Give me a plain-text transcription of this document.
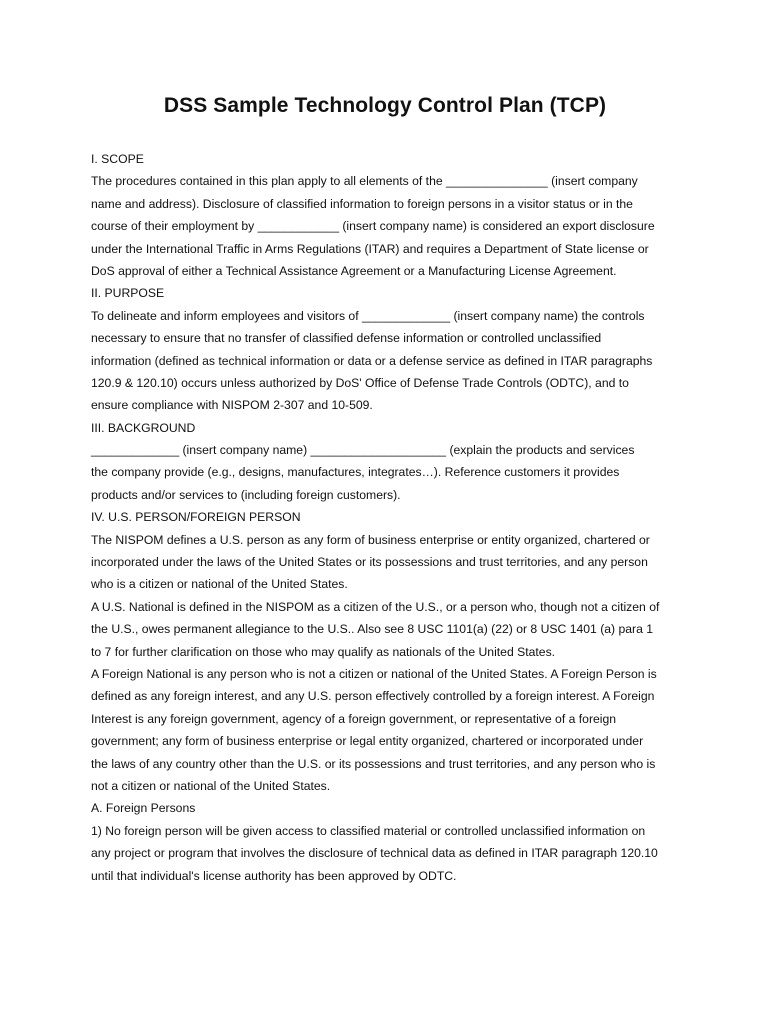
DSS Sample Technology Control Plan (TCP)
I. SCOPE
The procedures contained in this plan apply to all elements of the _______________ (insert company
name and address). Disclosure of classified information to foreign persons in a visitor status or in the
course of their employment by ____________ (insert company name) is considered an export disclosure
under the International Traffic in Arms Regulations (ITAR) and requires a Department of State license or
DoS approval of either a Technical Assistance Agreement or a Manufacturing License Agreement.
II. PURPOSE
To delineate and inform employees and visitors of _____________ (insert company name) the controls
necessary to ensure that no transfer of classified defense information or controlled unclassified
information (defined as technical information or data or a defense service as defined in ITAR paragraphs
120.9 & 120.10) occurs unless authorized by DoS' Office of Defense Trade Controls (ODTC), and to
ensure compliance with NISPOM 2-307 and 10-509.
III. BACKGROUND
_____________ (insert company name) ____________________ (explain the products and services
the company provide (e.g., designs, manufactures, integrates…). Reference customers it provides
products and/or services to (including foreign customers).
IV. U.S. PERSON/FOREIGN PERSON
The NISPOM defines a U.S. person as any form of business enterprise or entity organized, chartered or
incorporated under the laws of the United States or its possessions and trust territories, and any person
who is a citizen or national of the United States.
A U.S. National is defined in the NISPOM as a citizen of the U.S., or a person who, though not a citizen of
the U.S., owes permanent allegiance to the U.S.. Also see 8 USC 1101(a) (22) or 8 USC 1401 (a) para 1
to 7 for further clarification on those who may qualify as nationals of the United States.
A Foreign National is any person who is not a citizen or national of the United States. A Foreign Person is
defined as any foreign interest, and any U.S. person effectively controlled by a foreign interest. A Foreign
Interest is any foreign government, agency of a foreign government, or representative of a foreign
government; any form of business enterprise or legal entity organized, chartered or incorporated under
the laws of any country other than the U.S. or its possessions and trust territories, and any person who is
not a citizen or national of the United States.
A. Foreign Persons
1) No foreign person will be given access to classified material or controlled unclassified information on
any project or program that involves the disclosure of technical data as defined in ITAR paragraph 120.10
until that individual's license authority has been approved by ODTC.
